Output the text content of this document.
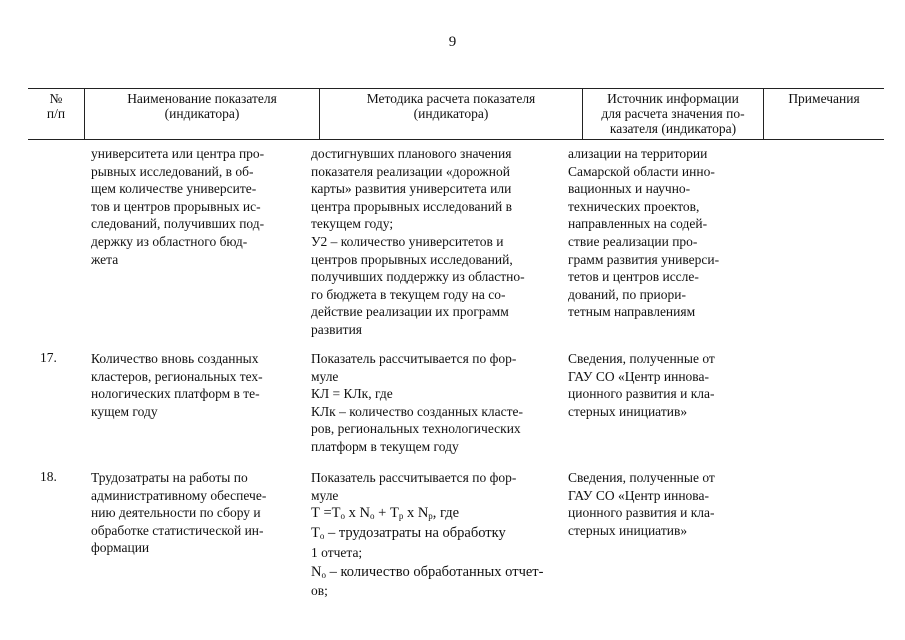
9
№
п/п
Наименование показателя
(индикатора)
Методика расчета показателя
(индикатора)
Источник информации
для расчета значения по-
казателя (индикатора)
Примечания
университета или центра про-
рывных исследований, в об-
щем количестве университе-
тов и центров прорывных ис-
следований, получивших под-
держку из областного бюд-
жета
достигнувших планового значения
показателя реализации «дорожной
карты» развития университета или
центра прорывных исследований в
текущем году;
У2 – количество университетов и
центров прорывных исследований,
получивших поддержку из областно-
го бюджета в текущем году на со-
действие реализации их программ
развития
ализации на территории
Самарской области инно-
вационных и научно-
технических проектов,
направленных на содей-
ствие реализации про-
грамм развития универси-
тетов и центров иссле-
дований, по приори-
тетным направлениям
17.	Количество вновь созданных
кластеров, региональных тех-
нологических платформ в те-
кущем году
Показатель рассчитывается по фор-
муле
КЛ = КЛк, где
КЛк – количество созданных класте-
ров, региональных технологических
платформ в текущем году
Сведения, полученные от
ГАУ СО «Центр иннова-
ционного развития и кла-
стерных инициатив»
18.	Трудозатраты на работы по
административному обеспече-
нию деятельности по сбору и
обработке статистической ин-
формации
Показатель рассчитывается по фор-
муле
$Т =Т_о$ х $N_о + Т_р$ х $N_р$, где
$Т_о$ – трудозатраты на обработку
1 отчета;
$N_о$ – количество обработанных отчет-
ов;
Сведения, полученные от
ГАУ СО «Центр иннова-
ционного развития и кла-
стерных инициатив»
